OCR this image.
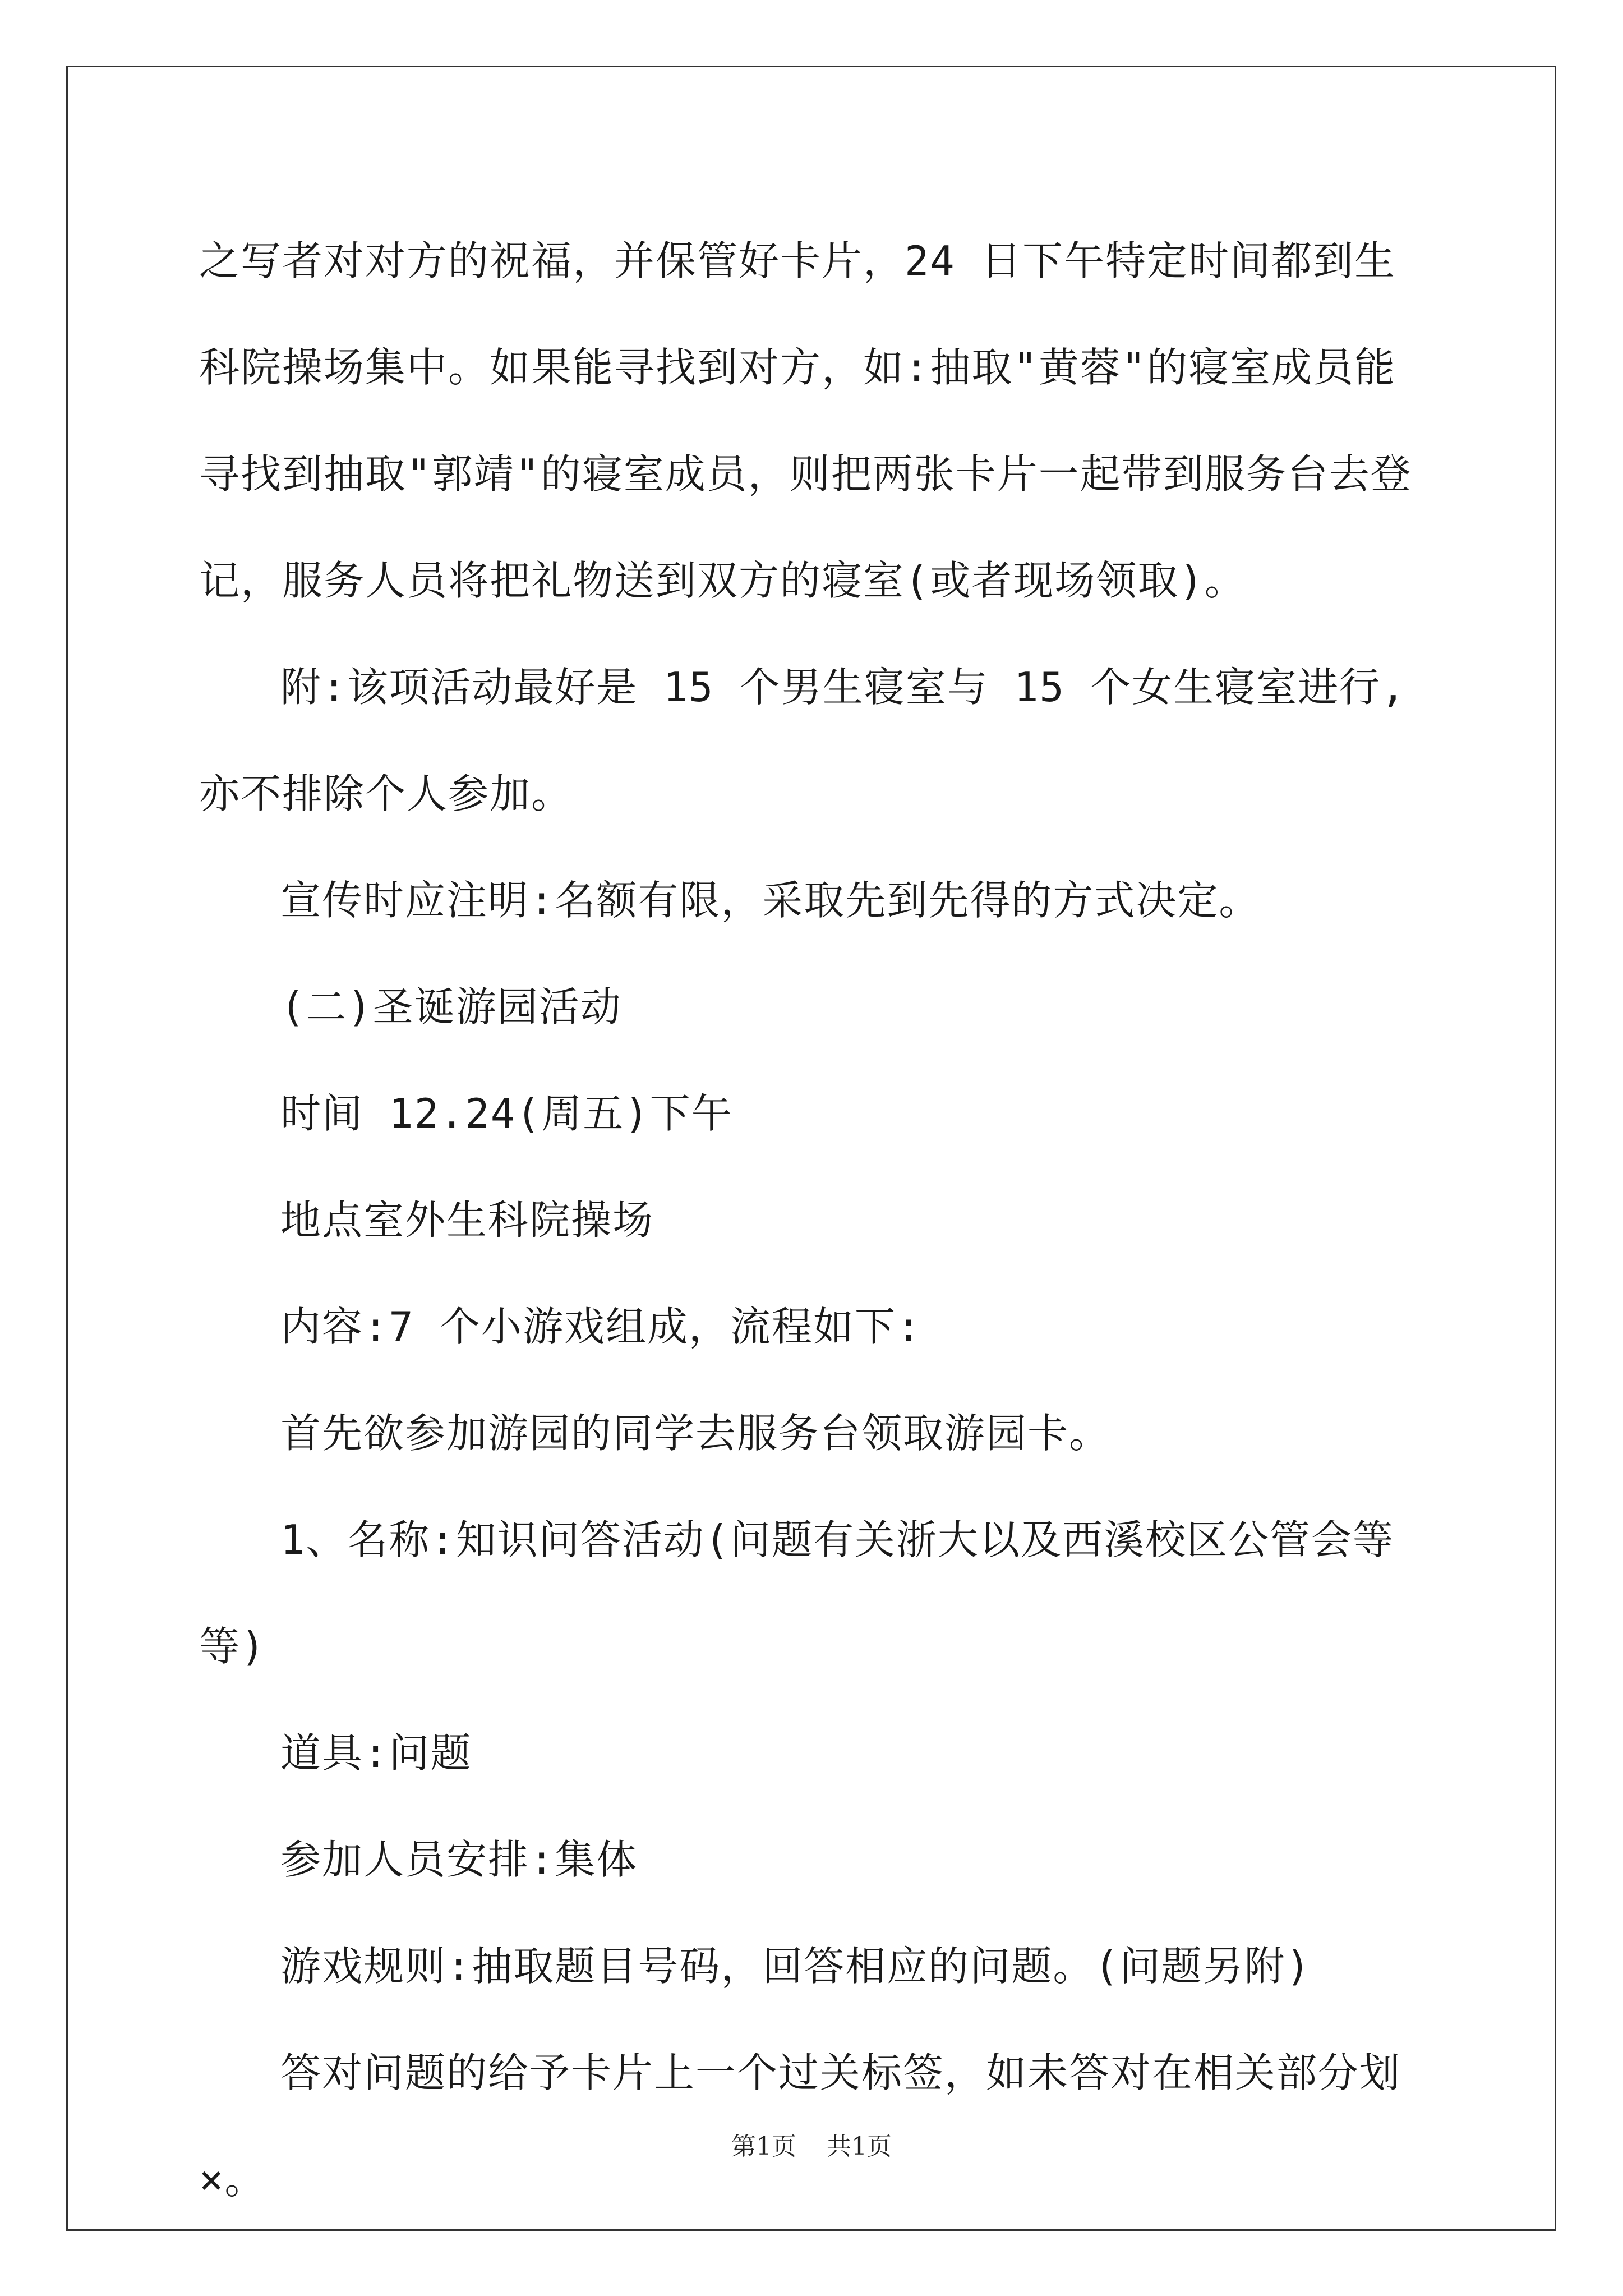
之写者对对方的祝福，并保管好卡片，24 日下午特定时间都到生科院操场集中。如果能寻找到对方，如:抽取"黄蓉"的寝室成员能寻找到抽取"郭靖"的寝室成员，则把两张卡片一起带到服务台去登记，服务人员将把礼物送到双方的寝室(或者现场领取)。

附:该项活动最好是 15 个男生寝室与 15 个女生寝室进行,亦不排除个人参加。

宣传时应注明:名额有限，采取先到先得的方式决定。

(二)圣诞游园活动

时间 12.24(周五)下午

地点室外生科院操场

内容:7 个小游戏组成，流程如下:

首先欲参加游园的同学去服务台领取游园卡。

1、名称:知识问答活动(问题有关浙大以及西溪校区公管会等等)

道具:问题

参加人员安排:集体

游戏规则:抽取题目号码，回答相应的问题。(问题另附)

答对问题的给予卡片上一个过关标签，如未答对在相关部分划×。

第1页 共1页
